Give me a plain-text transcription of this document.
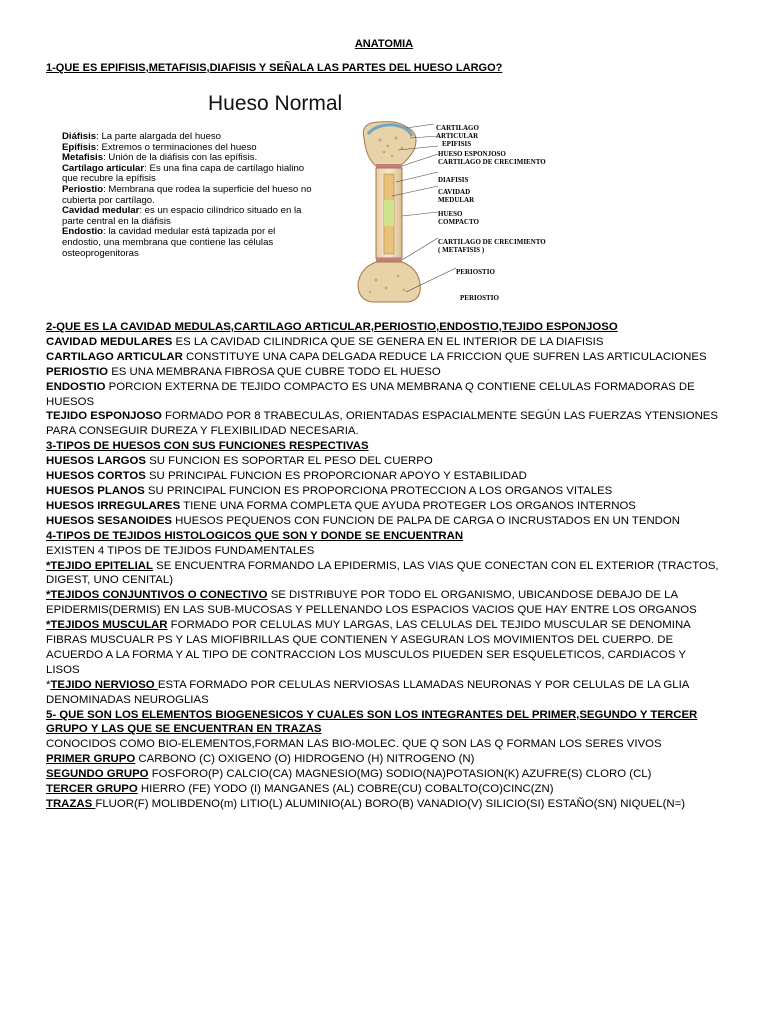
ANATOMIA
1-QUE ES EPIFISIS,METAFISIS,DIAFISIS Y SEÑALA LAS PARTES DEL HUESO LARGO?
Hueso Normal

Diáfisis: La parte alargada del hueso

Epífisis: Extremos o terminaciones del hueso

Metafisis: Unión de la diáfisis con las epífisis.

Cartílago articular: Es una fina capa de cartílago hialino que recubre la epífisis

Periostio: Membrana que rodea la superficie del hueso no cubierta por cartílago.

Cavidad medular: es un espacio cilíndrico situado en la parte central en la diáfisis

Endostio: la cavidad medular está tapizada por el endostio, una membrana que contiene las células osteoprogenitoras

CARTILAGO
ARTICULAR
EPIFISIS
HUESO ESPONJOSO
CARTILAGO DE CRECIMIENTO
DIAFISIS
CAVIDAD
MEDULAR
HUESO
COMPACTO
CARTILAGO DE CRECIMIENTO
( METAFISIS )
PERIOSTIO
PERIOSTIO

2-QUE ES LA CAVIDAD MEDULAS,CARTILAGO ARTICULAR,PERIOSTIO,ENDOSTIO,TEJIDO ESPONJOSO

CAVIDAD MEDULARES ES LA CAVIDAD CILINDRICA QUE SE GENERA EN EL INTERIOR DE LA DIAFISIS

CARTILAGO ARTICULAR CONSTITUYE UNA CAPA DELGADA REDUCE LA FRICCION QUE SUFREN LAS ARTICULACIONES

PERIOSTIO ES UNA MEMBRANA FIBROSA QUE CUBRE TODO EL HUESO

ENDOSTIO PORCION EXTERNA DE TEJIDO COMPACTO ES UNA MEMBRANA Q CONTIENE CELULAS FORMADORAS DE HUESOS

TEJIDO ESPONJOSO FORMADO POR 8 TRABECULAS, ORIENTADAS ESPACIALMENTE SEGÚN LAS FUERZAS YTENSIONES PARA CONSEGUIR DUREZA Y FLEXIBILIDAD NECESARIA.

3-TIPOS DE HUESOS CON SUS FUNCIONES RESPECTIVAS

HUESOS LARGOS SU FUNCION ES SOPORTAR EL PESO DEL CUERPO

HUESOS CORTOS SU PRINCIPAL FUNCION ES PROPORCIONAR APOYO Y ESTABILIDAD

HUESOS PLANOS SU PRINCIPAL FUNCION ES PROPORCIONA PROTECCION A LOS ORGANOS VITALES

HUESOS IRREGULARES TIENE UNA FORMA COMPLETA QUE AYUDA PROTEGER LOS ORGANOS INTERNOS

HUESOS SESANOIDES HUESOS PEQUENOS CON FUNCION DE PALPA DE CARGA O INCRUSTADOS EN UN TENDON

4-TIPOS DE TEJIDOS HISTOLOGICOS QUE SON Y DONDE SE ENCUENTRAN

EXISTEN 4 TIPOS DE TEJIDOS FUNDAMENTALES

*TEJIDO EPITELIAL SE ENCUENTRA FORMANDO LA EPIDERMIS, LAS VIAS QUE CONECTAN CON EL EXTERIOR (TRACTOS, DIGEST, UNO CENITAL)

*TEJIDOS CONJUNTIVOS O CONECTIVO SE DISTRIBUYE POR TODO EL ORGANISMO, UBICANDOSE DEBAJO DE LA EPIDERMIS(DERMIS) EN LAS SUB-MUCOSAS Y PELLENANDO LOS ESPACIOS VACIOS QUE HAY ENTRE LOS ORGANOS

*TEJIDOS MUSCULAR FORMADO POR CELULAS MUY LARGAS, LAS CELULAS DEL TEJIDO MUSCULAR SE DENOMINA FIBRAS MUSCUALR PS Y LAS MIOFIBRILLAS QUE CONTIENEN Y ASEGURAN LOS MOVIMIENTOS DEL CUERPO. DE ACUERDO A LA FORMA Y AL TIPO DE CONTRACCION LOS MUSCULOS PIUEDEN SER ESQUELETICOS, CARDIACOS Y LISOS

*TEJIDO NERVIOSO ESTA FORMADO POR CELULAS NERVIOSAS LLAMADAS NEURONAS Y POR CELULAS DE LA GLIA DENOMINADAS NEUROGLIAS

5- QUE SON LOS ELEMENTOS BIOGENESICOS Y CUALES SON LOS INTEGRANTES DEL PRIMER,SEGUNDO Y TERCER GRUPO Y LAS QUE SE ENCUENTRAN EN TRAZAS

CONOCIDOS COMO BIO-ELEMENTOS,FORMAN LAS BIO-MOLEC. QUE Q SON LAS Q FORMAN LOS SERES VIVOS

PRIMER GRUPO CARBONO (C) OXIGENO (O) HIDROGENO (H) NITROGENO (N)

SEGUNDO GRUPO FOSFORO(P) CALCIO(CA) MAGNESIO(MG) SODIO(NA)POTASION(K) AZUFRE(S) CLORO (CL)

TERCER GRUPO HIERRO (FE) YODO (I) MANGANES (AL) COBRE(CU) COBALTO(CO)CINC(ZN)

TRAZAS FLUOR(F) MOLIBDENO(m) LITIO(L) ALUMINIO(AL) BORO(B) VANADIO(V) SILICIO(SI) ESTAÑO(SN) NIQUEL(N=)
